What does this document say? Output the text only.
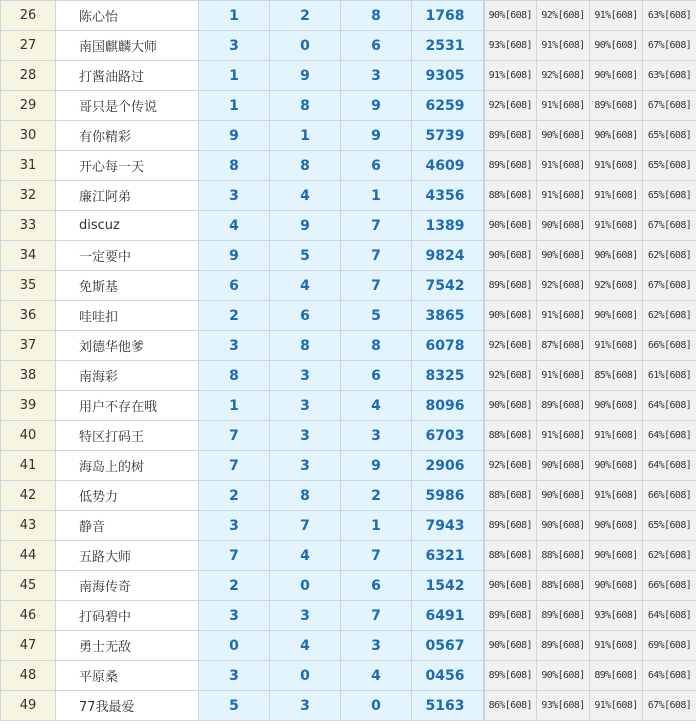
26	陈心怡	1	2	8	1768	90%[608]	92%[608]	91%[608]	63%[608]
27	南国麒麟大师	3	0	6	2531	93%[608]	91%[608]	90%[608]	67%[608]
28	打酱油路过	1	9	3	9305	91%[608]	92%[608]	90%[608]	63%[608]
29	哥只是个传说	1	8	9	6259	92%[608]	91%[608]	89%[608]	67%[608]
30	有你精彩	9	1	9	5739	89%[608]	90%[608]	90%[608]	65%[608]
31	开心每一天	8	8	6	4609	89%[608]	91%[608]	91%[608]	65%[608]
32	廉江阿弟	3	4	1	4356	88%[608]	91%[608]	91%[608]	65%[608]
33	discuz	4	9	7	1389	90%[608]	90%[608]	91%[608]	67%[608]
34	一定要中	9	5	7	9824	90%[608]	90%[608]	90%[608]	62%[608]
35	免斯基	6	4	7	7542	89%[608]	92%[608]	92%[608]	67%[608]
36	哇哇扣	2	6	5	3865	90%[608]	91%[608]	90%[608]	62%[608]
37	刘德华他爹	3	8	8	6078	92%[608]	87%[608]	91%[608]	66%[608]
38	南海彩	8	3	6	8325	92%[608]	91%[608]	85%[608]	61%[608]
39	用户不存在哦	1	3	4	8096	90%[608]	89%[608]	90%[608]	64%[608]
40	特区打码王	7	3	3	6703	88%[608]	91%[608]	91%[608]	64%[608]
41	海岛上的树	7	3	9	2906	92%[608]	90%[608]	90%[608]	64%[608]
42	低势力	2	8	2	5986	88%[608]	90%[608]	91%[608]	66%[608]
43	静音	3	7	1	7943	89%[608]	90%[608]	90%[608]	65%[608]
44	五路大师	7	4	7	6321	88%[608]	88%[608]	90%[608]	62%[608]
45	南海传奇	2	0	6	1542	90%[608]	88%[608]	90%[608]	66%[608]
46	打码碧中	3	3	7	6491	89%[608]	89%[608]	93%[608]	64%[608]
47	勇士无敌	0	4	3	0567	90%[608]	89%[608]	91%[608]	69%[608]
48	平原桑	3	0	4	0456	89%[608]	90%[608]	89%[608]	64%[608]
49	77我最爱	5	3	0	5163	86%[608]	93%[608]	91%[608]	67%[608]
